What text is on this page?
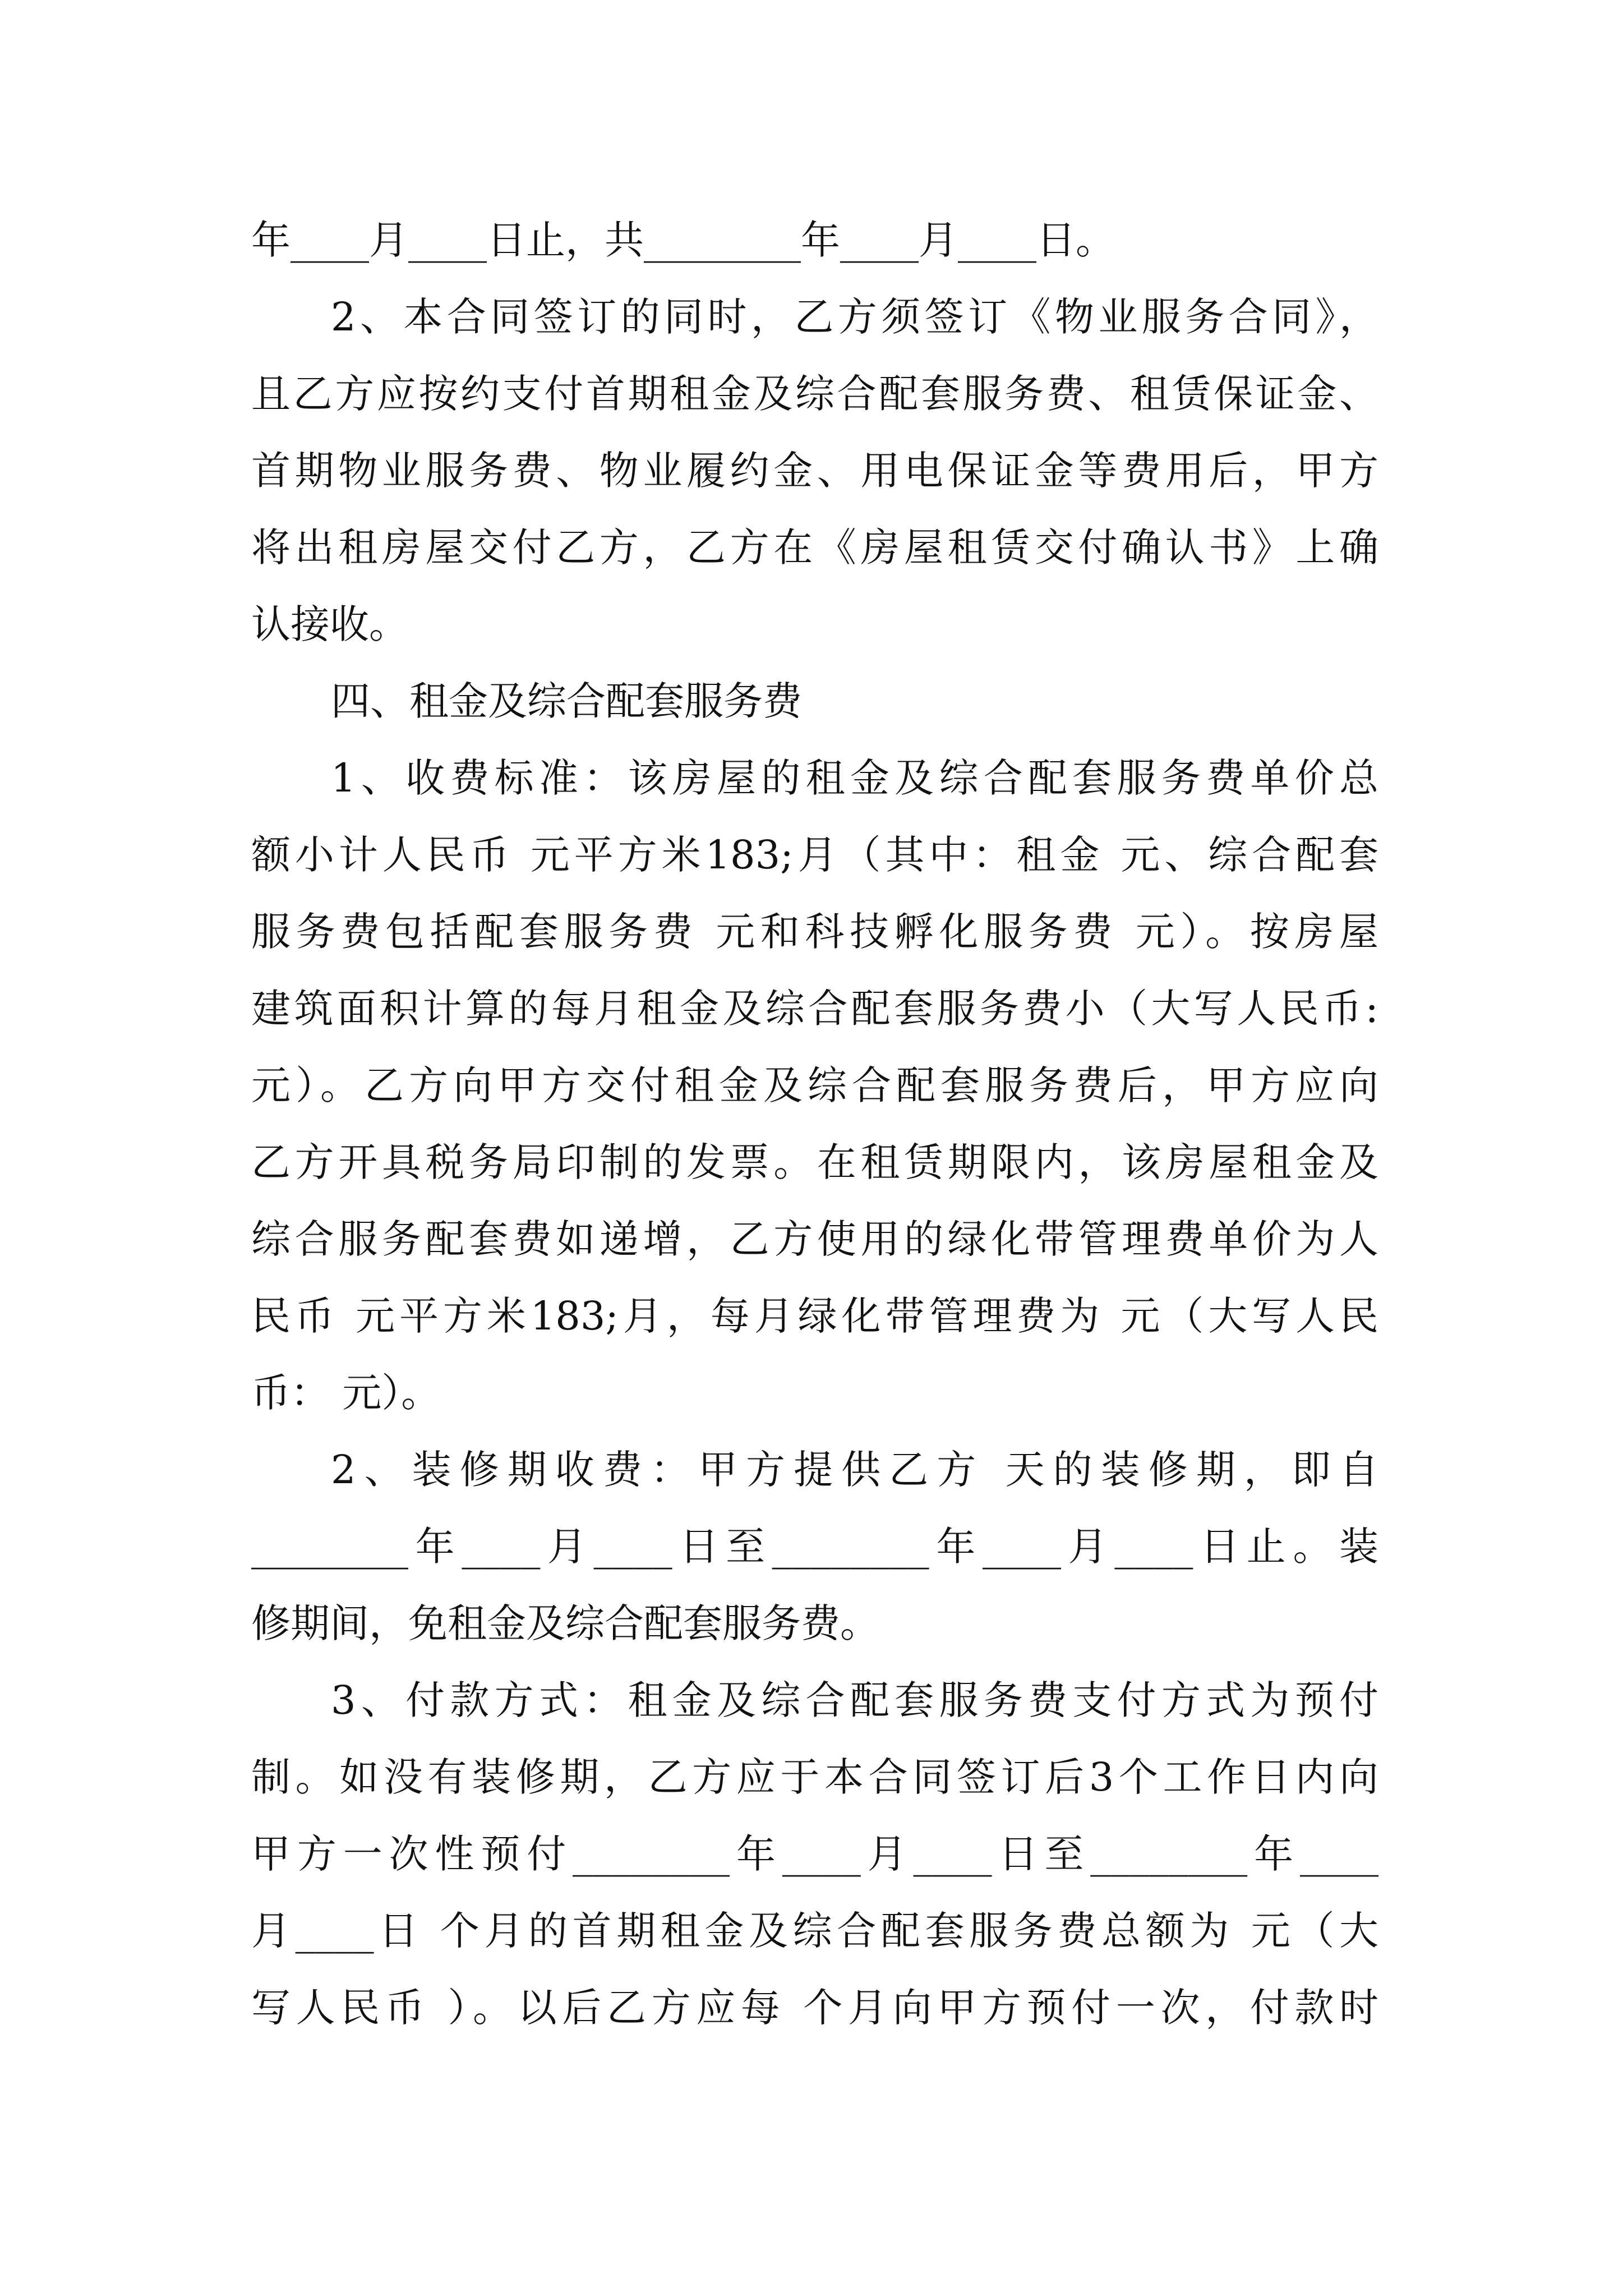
年____月____日止，共________年____月____日。
2、本合同签订的同时，乙方须签订《物业服务合同》，
且乙方应按约支付首期租金及综合配套服务费、租赁保证金、
首期物业服务费、物业履约金、用电保证金等费用后，甲方
将出租房屋交付乙方，乙方在《房屋租赁交付确认书》上确
认接收。
四、租金及综合配套服务费
1、收费标准：该房屋的租金及综合配套服务费单价总
额小计人民币 元平方米183;月（其中：租金 元、综合配套
服务费包括配套服务费 元和科技孵化服务费 元）。按房屋
建筑面积计算的每月租金及综合配套服务费小（大写人民币:
元）。乙方向甲方交付租金及综合配套服务费后，甲方应向
乙方开具税务局印制的发票。在租赁期限内，该房屋租金及
综合服务配套费如递增，乙方使用的绿化带管理费单价为人
民币 元平方米183;月，每月绿化带管理费为 元（大写人民
币： 元）。
2、装修期收费：甲方提供乙方 天的装修期，即自
________年____月____日至________年____月____日止。装
修期间，免租金及综合配套服务费。
3、付款方式：租金及综合配套服务费支付方式为预付
制。如没有装修期，乙方应于本合同签订后3个工作日内向
甲方一次性预付________年____月____日至________年____
月____日 个月的首期租金及综合配套服务费总额为 元（大
写人民币 ）。以后乙方应每 个月向甲方预付一次，付款时
